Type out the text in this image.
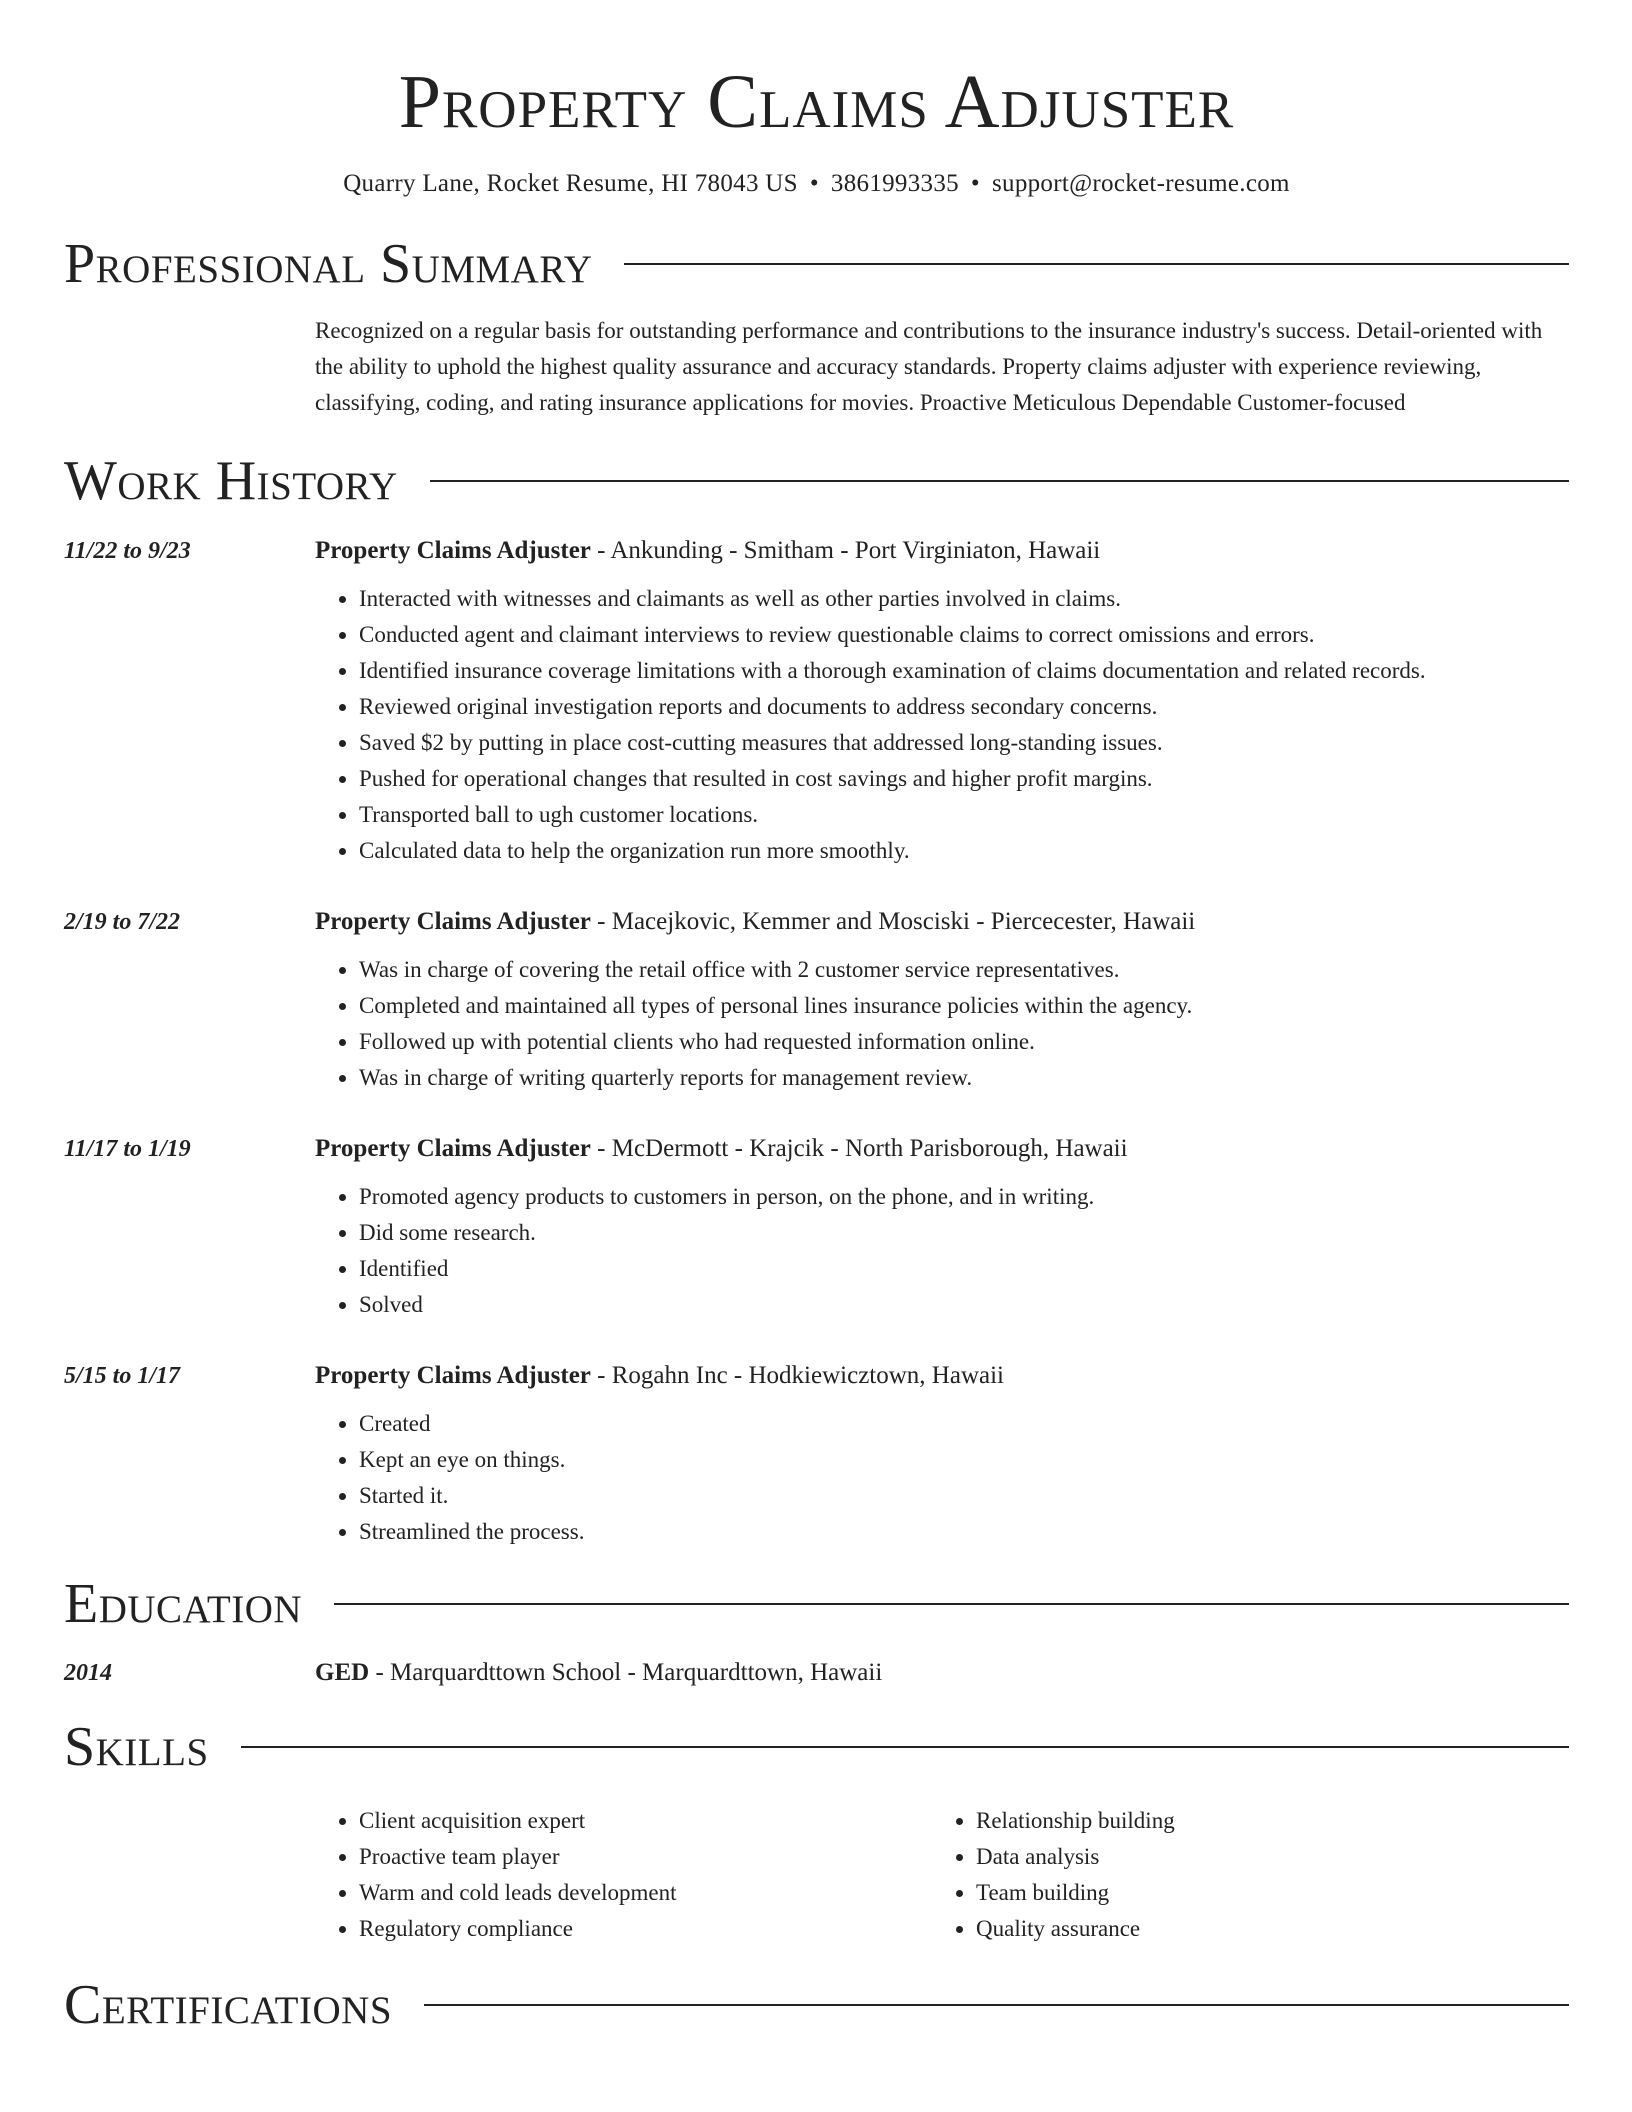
Property Claims Adjuster
Quarry Lane, Rocket Resume, HI 78043 US • 3861993335 • support@rocket-resume.com
Professional Summary
Recognized on a regular basis for outstanding performance and contributions to the insurance industry's success. Detail-oriented with the ability to uphold the highest quality assurance and accuracy standards. Property claims adjuster with experience reviewing, classifying, coding, and rating insurance applications for movies. Proactive Meticulous Dependable Customer-focused
Work History
11/22 to 9/23	Property Claims Adjuster - Ankunding - Smitham - Port Virginiaton, Hawaii
• Interacted with witnesses and claimants as well as other parties involved in claims.
• Conducted agent and claimant interviews to review questionable claims to correct omissions and errors.
• Identified insurance coverage limitations with a thorough examination of claims documentation and related records.
• Reviewed original investigation reports and documents to address secondary concerns.
• Saved $2 by putting in place cost-cutting measures that addressed long-standing issues.
• Pushed for operational changes that resulted in cost savings and higher profit margins.
• Transported ball to ugh customer locations.
• Calculated data to help the organization run more smoothly.
2/19 to 7/22	Property Claims Adjuster - Macejkovic, Kemmer and Mosciski - Piercecester, Hawaii
• Was in charge of covering the retail office with 2 customer service representatives.
• Completed and maintained all types of personal lines insurance policies within the agency.
• Followed up with potential clients who had requested information online.
• Was in charge of writing quarterly reports for management review.
11/17 to 1/19	Property Claims Adjuster - McDermott - Krajcik - North Parisborough, Hawaii
• Promoted agency products to customers in person, on the phone, and in writing.
• Did some research.
• Identified
• Solved
5/15 to 1/17	Property Claims Adjuster - Rogahn Inc - Hodkiewicztown, Hawaii
• Created
• Kept an eye on things.
• Started it.
• Streamlined the process.
Education
2014	GED - Marquardttown School - Marquardttown, Hawaii
Skills
• Client acquisition expert
• Proactive team player
• Warm and cold leads development
• Regulatory compliance
• Relationship building
• Data analysis
• Team building
• Quality assurance
Certifications
